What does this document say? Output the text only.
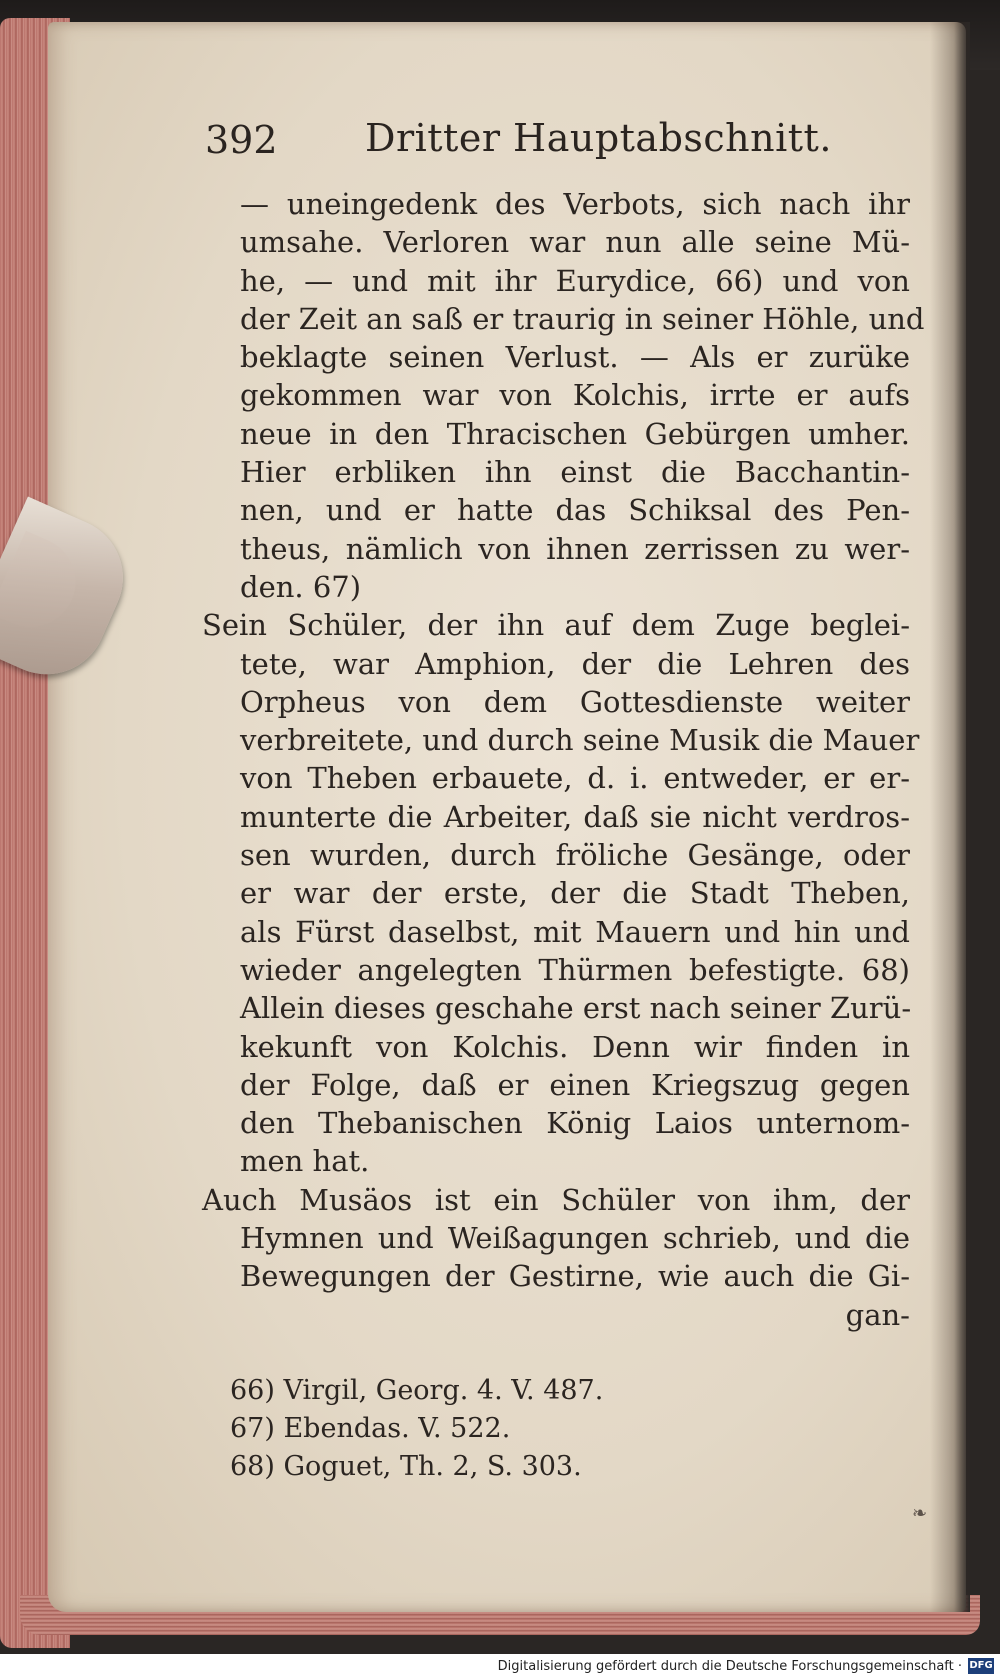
392 Dritter Hauptabschnitt.
— uneingedenk des Verbots, sich nach ihr
umsahe. Verloren war nun alle seine Mü-
he, — und mit ihr Eurydice, 66) und von
der Zeit an saß er traurig in seiner Höhle, und
beklagte seinen Verlust. — Als er zurüke
gekommen war von Kolchis, irrte er aufs
neue in den Thracischen Gebürgen umher.
Hier erbliken ihn einst die Bacchantin-
nen, und er hatte das Schiksal des Pen-
theus, nämlich von ihnen zerrissen zu wer-
den. 67)
Sein Schüler, der ihn auf dem Zuge beglei-
tete, war Amphion, der die Lehren des
Orpheus von dem Gottesdienste weiter
verbreitete, und durch seine Musik die Mauer
von Theben erbauete, d. i. entweder, er er-
munterte die Arbeiter, daß sie nicht verdros-
sen wurden, durch fröliche Gesänge, oder
er war der erste, der die Stadt Theben,
als Fürst daselbst, mit Mauern und hin und
wieder angelegten Thürmen befestigte. 68)
Allein dieses geschahe erst nach seiner Zurü-
kekunft von Kolchis. Denn wir finden in
der Folge, daß er einen Kriegszug gegen
den Thebanischen König Laios unternom-
men hat.
Auch Musäos ist ein Schüler von ihm, der
Hymnen und Weißagungen schrieb, und die
Bewegungen der Gestirne, wie auch die Gi-
gan-
66) Virgil, Georg. 4. V. 487.
67) Ebendas. V. 522.
68) Goguet, Th. 2, S. 303.
❧
Digitalisierung gefördert durch die Deutsche Forschungsgemeinschaft · DFG
